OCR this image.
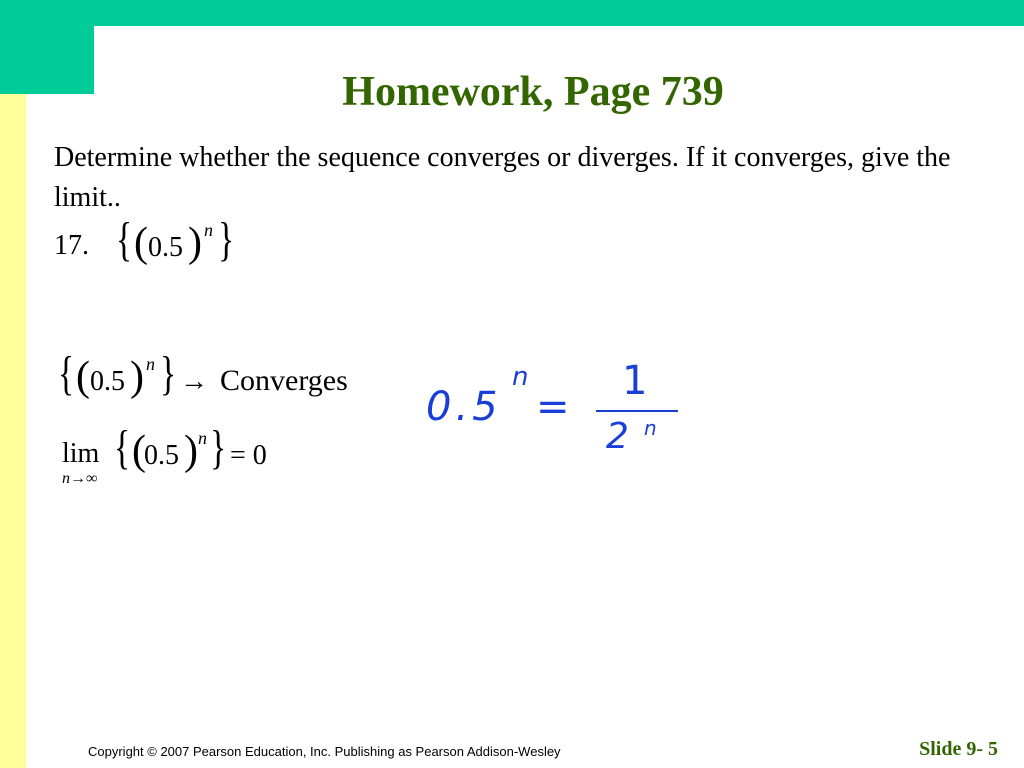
Homework, Page 739
Determine whether the sequence converges or diverges. If it converges, give the limit..
17. { ( 0.5 ) n }
{ ( 0.5 ) n } → Converges
lim
n→∞
{ (
0.5 ) n } = 0
0.5
n
=
1
2 n
Copyright © 2007 Pearson Education, Inc. Publishing as Pearson Addison-Wesley	Slide 9- 5
